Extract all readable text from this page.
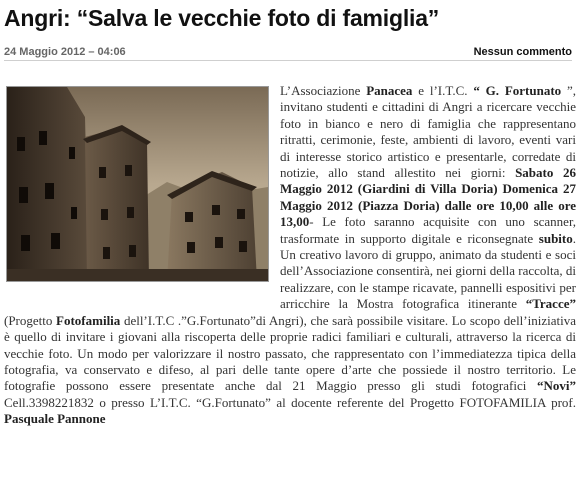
Angri: “Salva le vecchie foto di famiglia”
24 Maggio 2012 – 04:06	Nessun commento

L’Associazione Panacea e l’I.T.C. “ G. Fortunato ”, invitano studenti e cittadini di Angri a ricercare vecchie foto in bianco e nero di famiglia che rappresentano ritratti, cerimonie, feste, ambienti di lavoro, eventi vari di interesse storico artistico e presentarle, corredate di notizie, allo stand allestito nei giorni: Sabato 26 Maggio 2012 (Giardini di Villa Doria) Domenica 27 Maggio 2012 (Piazza Doria) dalle ore 10,00 alle ore 13,00- Le foto saranno acquisite con uno scanner, trasformate in supporto digitale e riconsegnate subito. Un creativo lavoro di gruppo, animato da studenti e soci dell’Associazione consentirà, nei giorni della raccolta, di realizzare, con le stampe ricavate, pannelli espositivi per arricchire la Mostra fotografica itinerante “Tracce” (Progetto Fotofamilia dell’I.T.C .”G.Fortunato”di Angri), che sarà possibile visitare. Lo scopo dell’iniziativa è quello di invitare i giovani alla riscoperta delle proprie radici familiari e culturali, attraverso la ricerca di vecchie foto. Un modo per valorizzare il nostro passato, che rappresentato con l’immediatezza tipica della fotografia, va conservato e difeso, al pari delle tante opere d’arte che possiede il nostro territorio. Le fotografie possono essere presentate anche dal 21 Maggio presso gli studi fotografici “Novi” Cell.3398221832 o presso L’I.T.C. “G.Fortunato” al docente referente del Progetto FOTOFAMILIA prof. Pasquale Pannone
